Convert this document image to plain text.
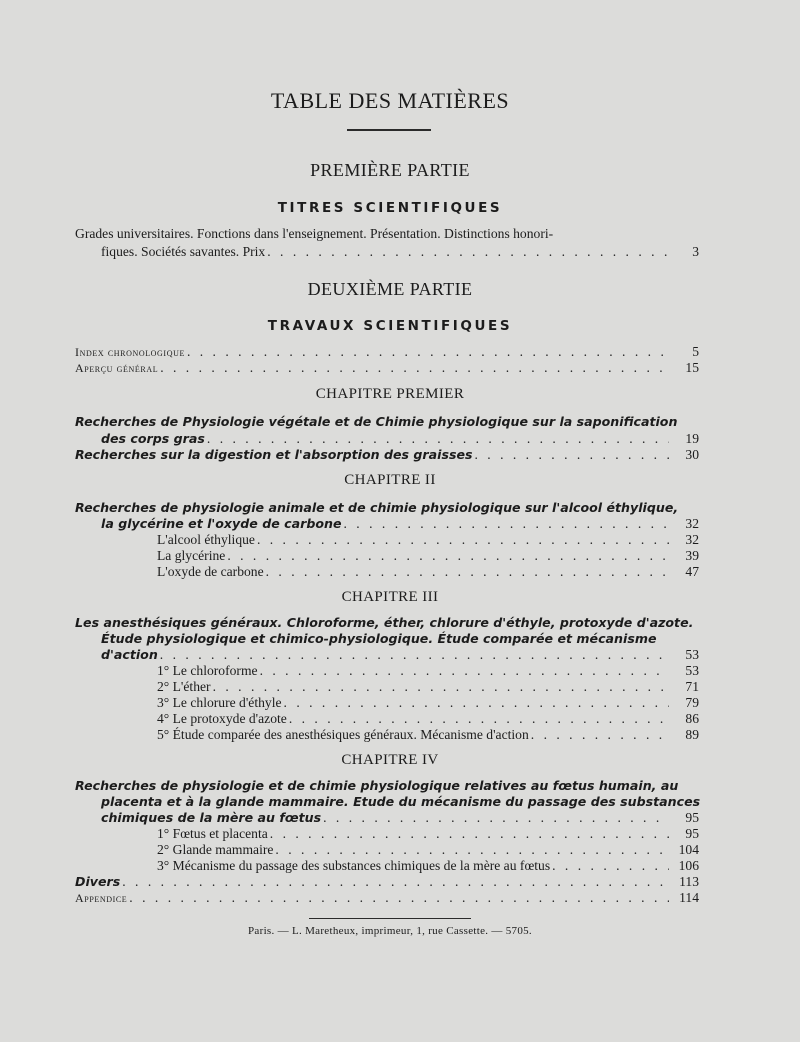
TABLE DES MATIÈRES
PREMIÈRE PARTIE
TITRES SCIENTIFIQUES
Grades universitaires. Fonctions dans l'enseignement. Présentation. Distinctions honori-
fiques. Sociétés savantes. Prix . . .	3
DEUXIÈME PARTIE
TRAVAUX SCIENTIFIQUES
Index chronologique . . .	5
Aperçu général . . .	15
CHAPITRE PREMIER
Recherches de Physiologie végétale et de Chimie physiologique sur la saponification
des corps gras . . .	19
Recherches sur la digestion et l'absorption des graisses . . .	30
CHAPITRE II
Recherches de physiologie animale et de chimie physiologique sur l'alcool éthylique,
la glycérine et l'oxyde de carbone . . .	32
L'alcool éthylique . . .	32
La glycérine . . .	39
L'oxyde de carbone . . .	47
CHAPITRE III
Les anesthésiques généraux. Chloroforme, éther, chlorure d'éthyle, protoxyde d'azote.
Étude physiologique et chimico-physiologique. Étude comparée et mécanisme
d'action . . .	53
1° Le chloroforme . . .	53
2° L'éther . . .	71
3° Le chlorure d'éthyle . . .	79
4° Le protoxyde d'azote . . .	86
5° Étude comparée des anesthésiques généraux. Mécanisme d'action . . .	89
CHAPITRE IV
Recherches de physiologie et de chimie physiologique relatives au fœtus humain, au
placenta et à la glande mammaire. Etude du mécanisme du passage des substances
chimiques de la mère au fœtus . . .	95
1° Fœtus et placenta . . .	95
2° Glande mammaire . . .	104
3° Mécanisme du passage des substances chimiques de la mère au fœtus . . .	106
Divers . . .	113
Appendice . . .	114
Paris. — L. Maretheux, imprimeur, 1, rue Cassette. — 5705.
